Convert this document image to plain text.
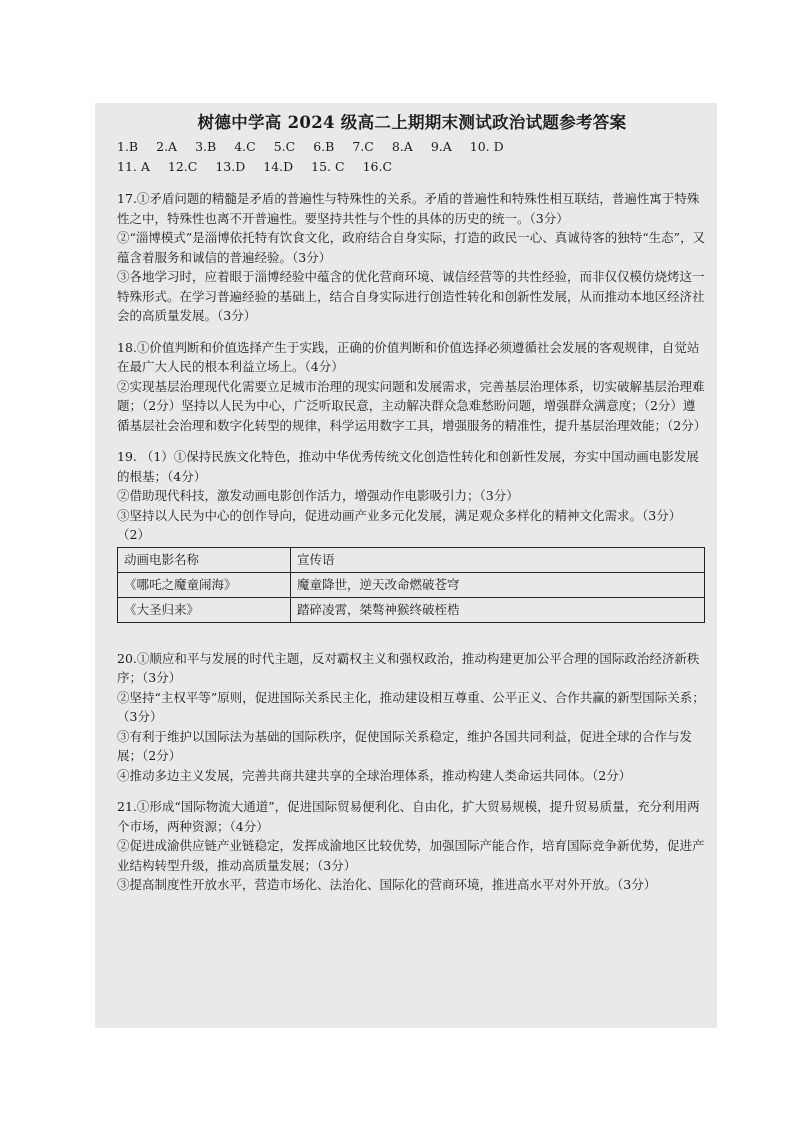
树德中学高 2024 级高二上期期末测试政治试题参考答案
1.B 2.A 3.B 4.C 5.C 6.B 7.C 8.A 9.A 10. D
11. A 12.C 13.D 14.D 15. C 16.C

17.①矛盾问题的精髓是矛盾的普遍性与特殊性的关系。矛盾的普遍性和特殊性相互联结，普遍性寓于特殊性之中，特殊性也离不开普遍性。要坚持共性与个性的具体的历史的统一。（3分）

②“淄博模式”是淄博依托特有饮食文化，政府结合自身实际，打造的政民一心、真诚待客的独特“生态”，又蕴含着服务和诚信的普遍经验。（3分）

③各地学习时，应着眼于淄博经验中蕴含的优化营商环境、诚信经营等的共性经验，而非仅仅模仿烧烤这一特殊形式。在学习普遍经验的基础上，结合自身实际进行创造性转化和创新性发展，从而推动本地区经济社会的高质量发展。（3分）

18.①价值判断和价值选择产生于实践，正确的价值判断和价值选择必须遵循社会发展的客观规律，自觉站在最广大人民的根本利益立场上。（4分）

②实现基层治理现代化需要立足城市治理的现实问题和发展需求，完善基层治理体系，切实破解基层治理难题；（2分）坚持以人民为中心，广泛听取民意，主动解决群众急难愁盼问题，增强群众满意度；（2分）遵循基层社会治理和数字化转型的规律，科学运用数字工具，增强服务的精准性，提升基层治理效能；（2分）

19. （1）①保持民族文化特色，推动中华优秀传统文化创造性转化和创新性发展，夯实中国动画电影发展的根基；（4分）

②借助现代科技，激发动画电影创作活力，增强动作电影吸引力；（3分）

③坚持以人民为中心的创作导向，促进动画产业多元化发展，满足观众多样化的精神文化需求。（3分）

（2）

动画电影名称	宣传语
《哪吒之魔童闹海》	魔童降世，逆天改命燃破苍穹
《大圣归来》	踏碎凌霄，桀骜神猴终破桎梏

20.①顺应和平与发展的时代主题，反对霸权主义和强权政治，推动构建更加公平合理的国际政治经济新秩序；（3分）

②坚持“主权平等”原则，促进国际关系民主化，推动建设相互尊重、公平正义、合作共赢的新型国际关系；（3分）

③有利于维护以国际法为基础的国际秩序，促使国际关系稳定，维护各国共同利益，促进全球的合作与发展；（2分）

④推动多边主义发展，完善共商共建共享的全球治理体系，推动构建人类命运共同体。（2分）

21.①形成“国际物流大通道”，促进国际贸易便利化、自由化，扩大贸易规模，提升贸易质量，充分利用两个市场，两种资源；（4分）

②促进成渝供应链产业链稳定，发挥成渝地区比较优势，加强国际产能合作，培育国际竞争新优势，促进产业结构转型升级，推动高质量发展；（3分）

③提高制度性开放水平，营造市场化、法治化、国际化的营商环境，推进高水平对外开放。（3分）
